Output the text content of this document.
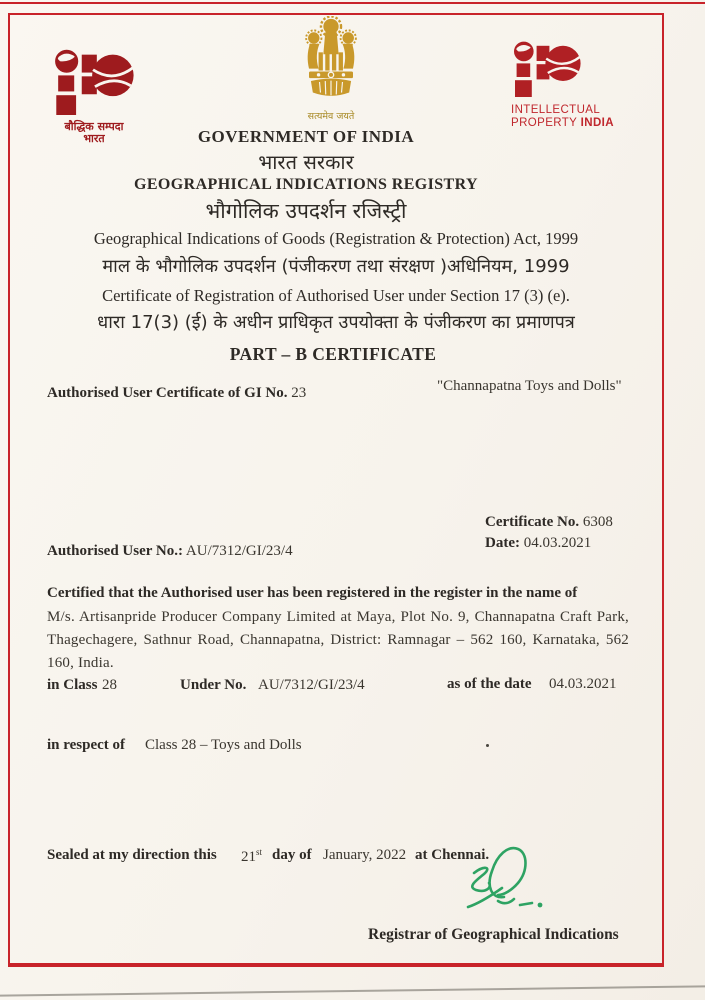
बौद्धिक सम्पदा
भारत
सत्यमेव जयते
INTELLECTUAL
PROPERTY INDIA
GOVERNMENT OF INDIA
भारत सरकार
GEOGRAPHICAL INDICATIONS REGISTRY
भौगोलिक उपदर्शन रजिस्ट्री
Geographical Indications of Goods (Registration & Protection) Act, 1999
माल के भौगोलिक उपदर्शन (पंजीकरण तथा संरक्षण )अधिनियम, 1999
Certificate of Registration of Authorised User under Section 17 (3) (e).
धारा 17(3) (ई) के अधीन प्राधिकृत उपयोक्ता के पंजीकरण का प्रमाणपत्र
PART – B CERTIFICATE
Authorised User Certificate of GI No. 23	"Channapatna Toys and Dolls"
Certificate No. 6308
Date: 04.03.2021
Authorised User No.: AU/7312/GI/23/4
Certified that the Authorised user has been registered in the register in the name of
M/s. Artisanpride Producer Company Limited at Maya, Plot No. 9, Channapatna Craft Park, Thagechagere, Sathnur Road, Channapatna, District: Ramnagar – 562 160, Karnataka, 562 160, India.
in Class 28	Under No. AU/7312/GI/23/4	as of the date 04.03.2021
in respect of Class 28 – Toys and Dolls
Sealed at my direction this 21st day of January, 2022 at Chennai.
Registrar of Geographical Indications
